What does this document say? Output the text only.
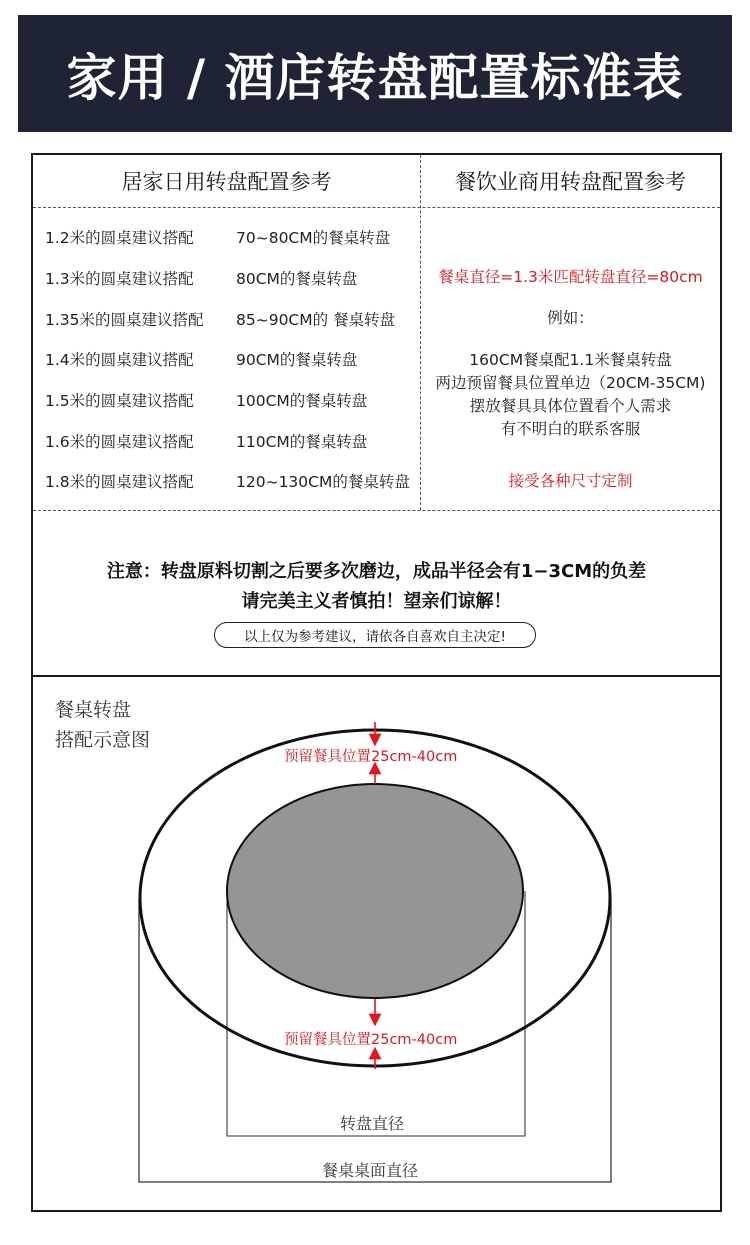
家用 / 酒店转盘配置标准表
居家日用转盘配置参考	餐饮业商用转盘配置参考
1.2米的圆桌建议搭配	70~80CM的餐桌转盘
1.3米的圆桌建议搭配	80CM的餐桌转盘
1.35米的圆桌建议搭配	85~90CM的 餐桌转盘
1.4米的圆桌建议搭配	90CM的餐桌转盘
1.5米的圆桌建议搭配	100CM的餐桌转盘
1.6米的圆桌建议搭配	110CM的餐桌转盘
1.8米的圆桌建议搭配	120~130CM的餐桌转盘
餐桌直径=1.3米匹配转盘直径=80cm
例如：
160CM餐桌配1.1米餐桌转盘
两边预留餐具位置单边（20CM-35CM)
摆放餐具具体位置看个人需求
有不明白的联系客服
接受各种尺寸定制
注意：转盘原料切割之后要多次磨边，成品半径会有1−3CM的负差
请完美主义者慎拍！望亲们谅解！
以上仅为参考建议，请依各自喜欢自主决定!
餐桌转盘
搭配示意图
预留餐具位置25cm-40cm
预留餐具位置25cm-40cm
转盘直径
餐桌桌面直径
